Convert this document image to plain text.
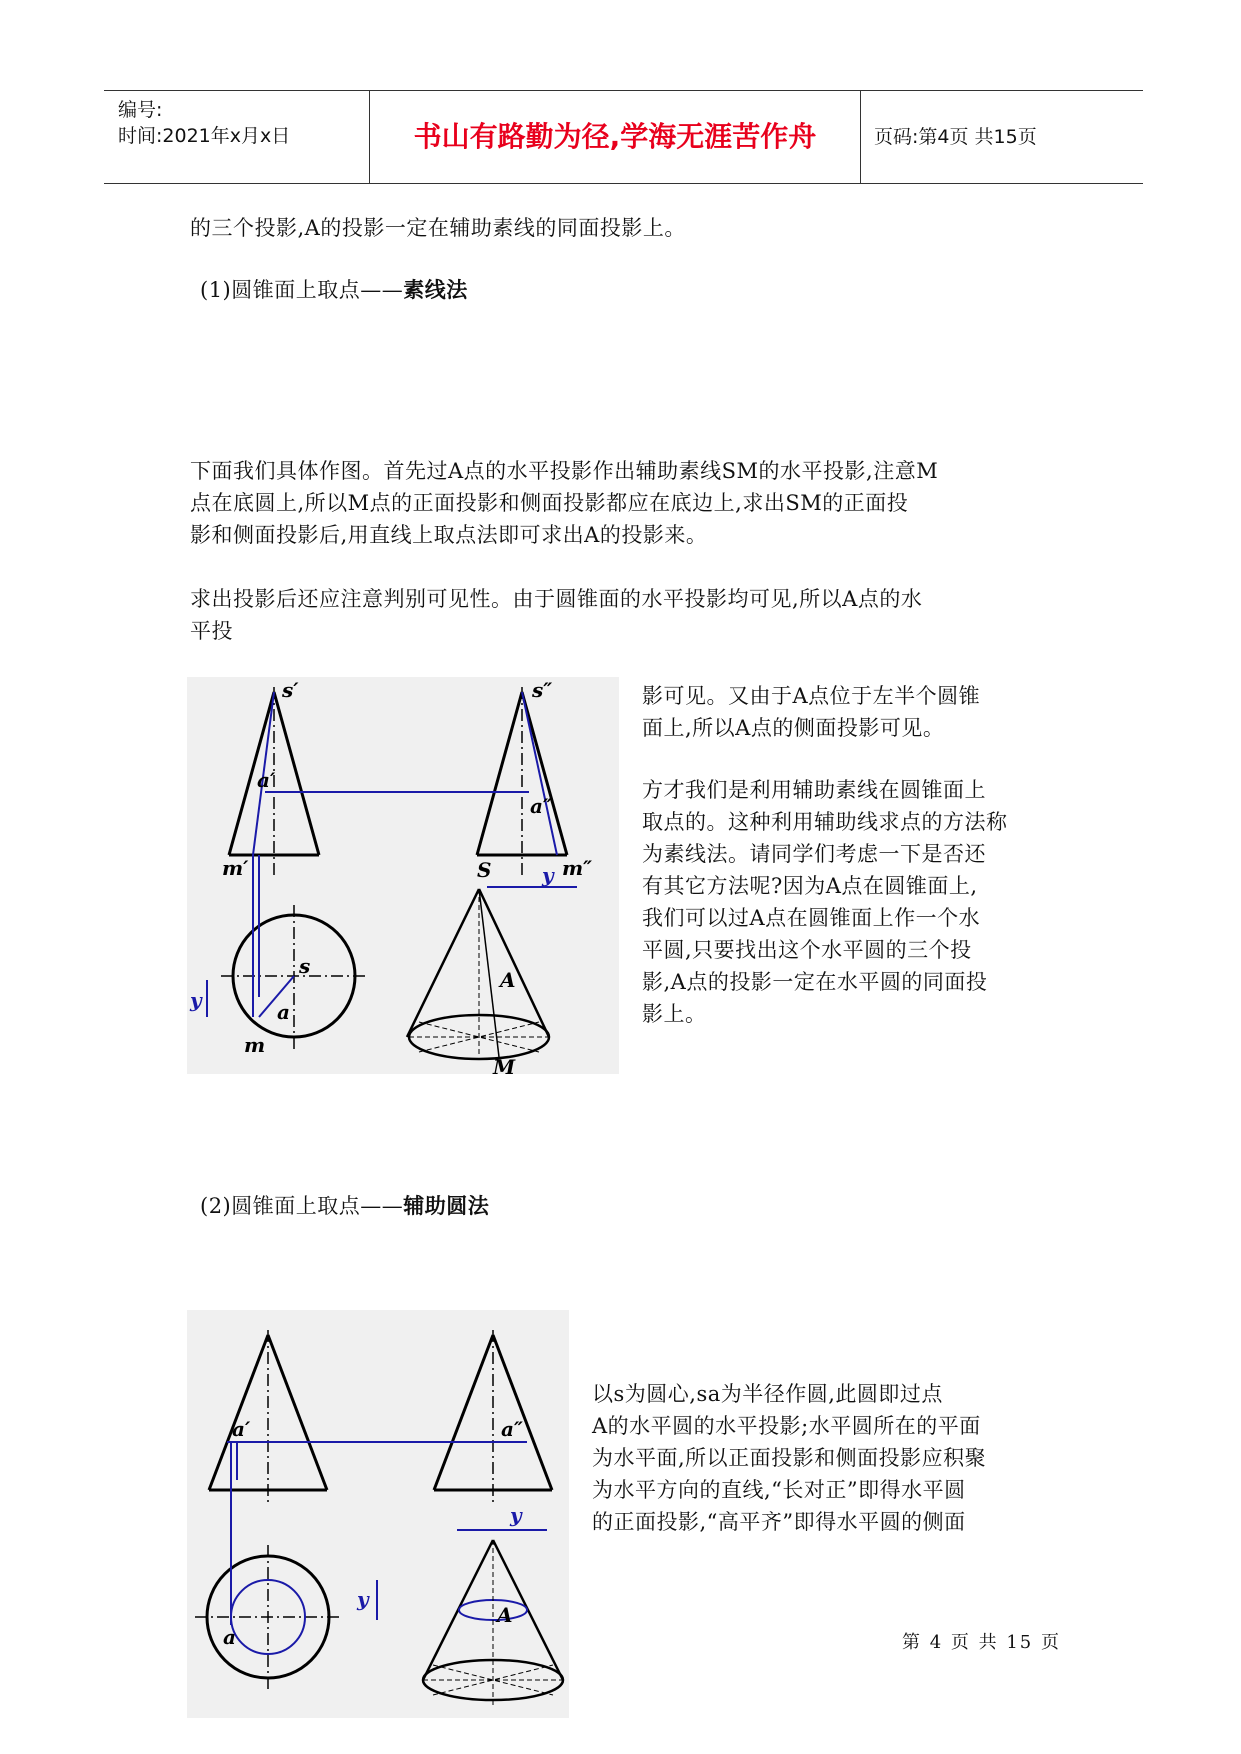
编号:
时间:2021年x月x日	书山有路勤为径,学海无涯苦作舟	页码:第4页 共15页
的三个投影,A的投影一定在辅助素线的同面投影上。
(1)圆锥面上取点——素线法
下面我们具体作图。首先过A点的水平投影作出辅助素线SM的水平投影,注意M
点在底圆上,所以M点的正面投影和侧面投影都应在底边上,求出SM的正面投
影和侧面投影后,用直线上取点法即可求出A的投影来。
求出投影后还应注意判别可见性。由于圆锥面的水平投影均可见,所以A点的水
平投
s′	s″
a′
a″
m′	m″
s
a
m
S
A
M
y
y
影可见。又由于A点位于左半个圆锥
面上,所以A点的侧面投影可见。
方才我们是利用辅助素线在圆锥面上
取点的。这种利用辅助线求点的方法称
为素线法。请同学们考虑一下是否还
有其它方法呢?因为A点在圆锥面上,
我们可以过A点在圆锥面上作一个水
平圆,只要找出这个水平圆的三个投
影,A点的投影一定在水平圆的同面投
影上。
(2)圆锥面上取点——辅助圆法
a′	a″
a
A
y
y
以s为圆心,sa为半径作圆,此圆即过点
A的水平圆的水平投影;水平圆所在的平面
为水平面,所以正面投影和侧面投影应积聚
为水平方向的直线,“长对正”即得水平圆
的正面投影,“高平齐”即得水平圆的侧面
第 4 页 共 15 页
